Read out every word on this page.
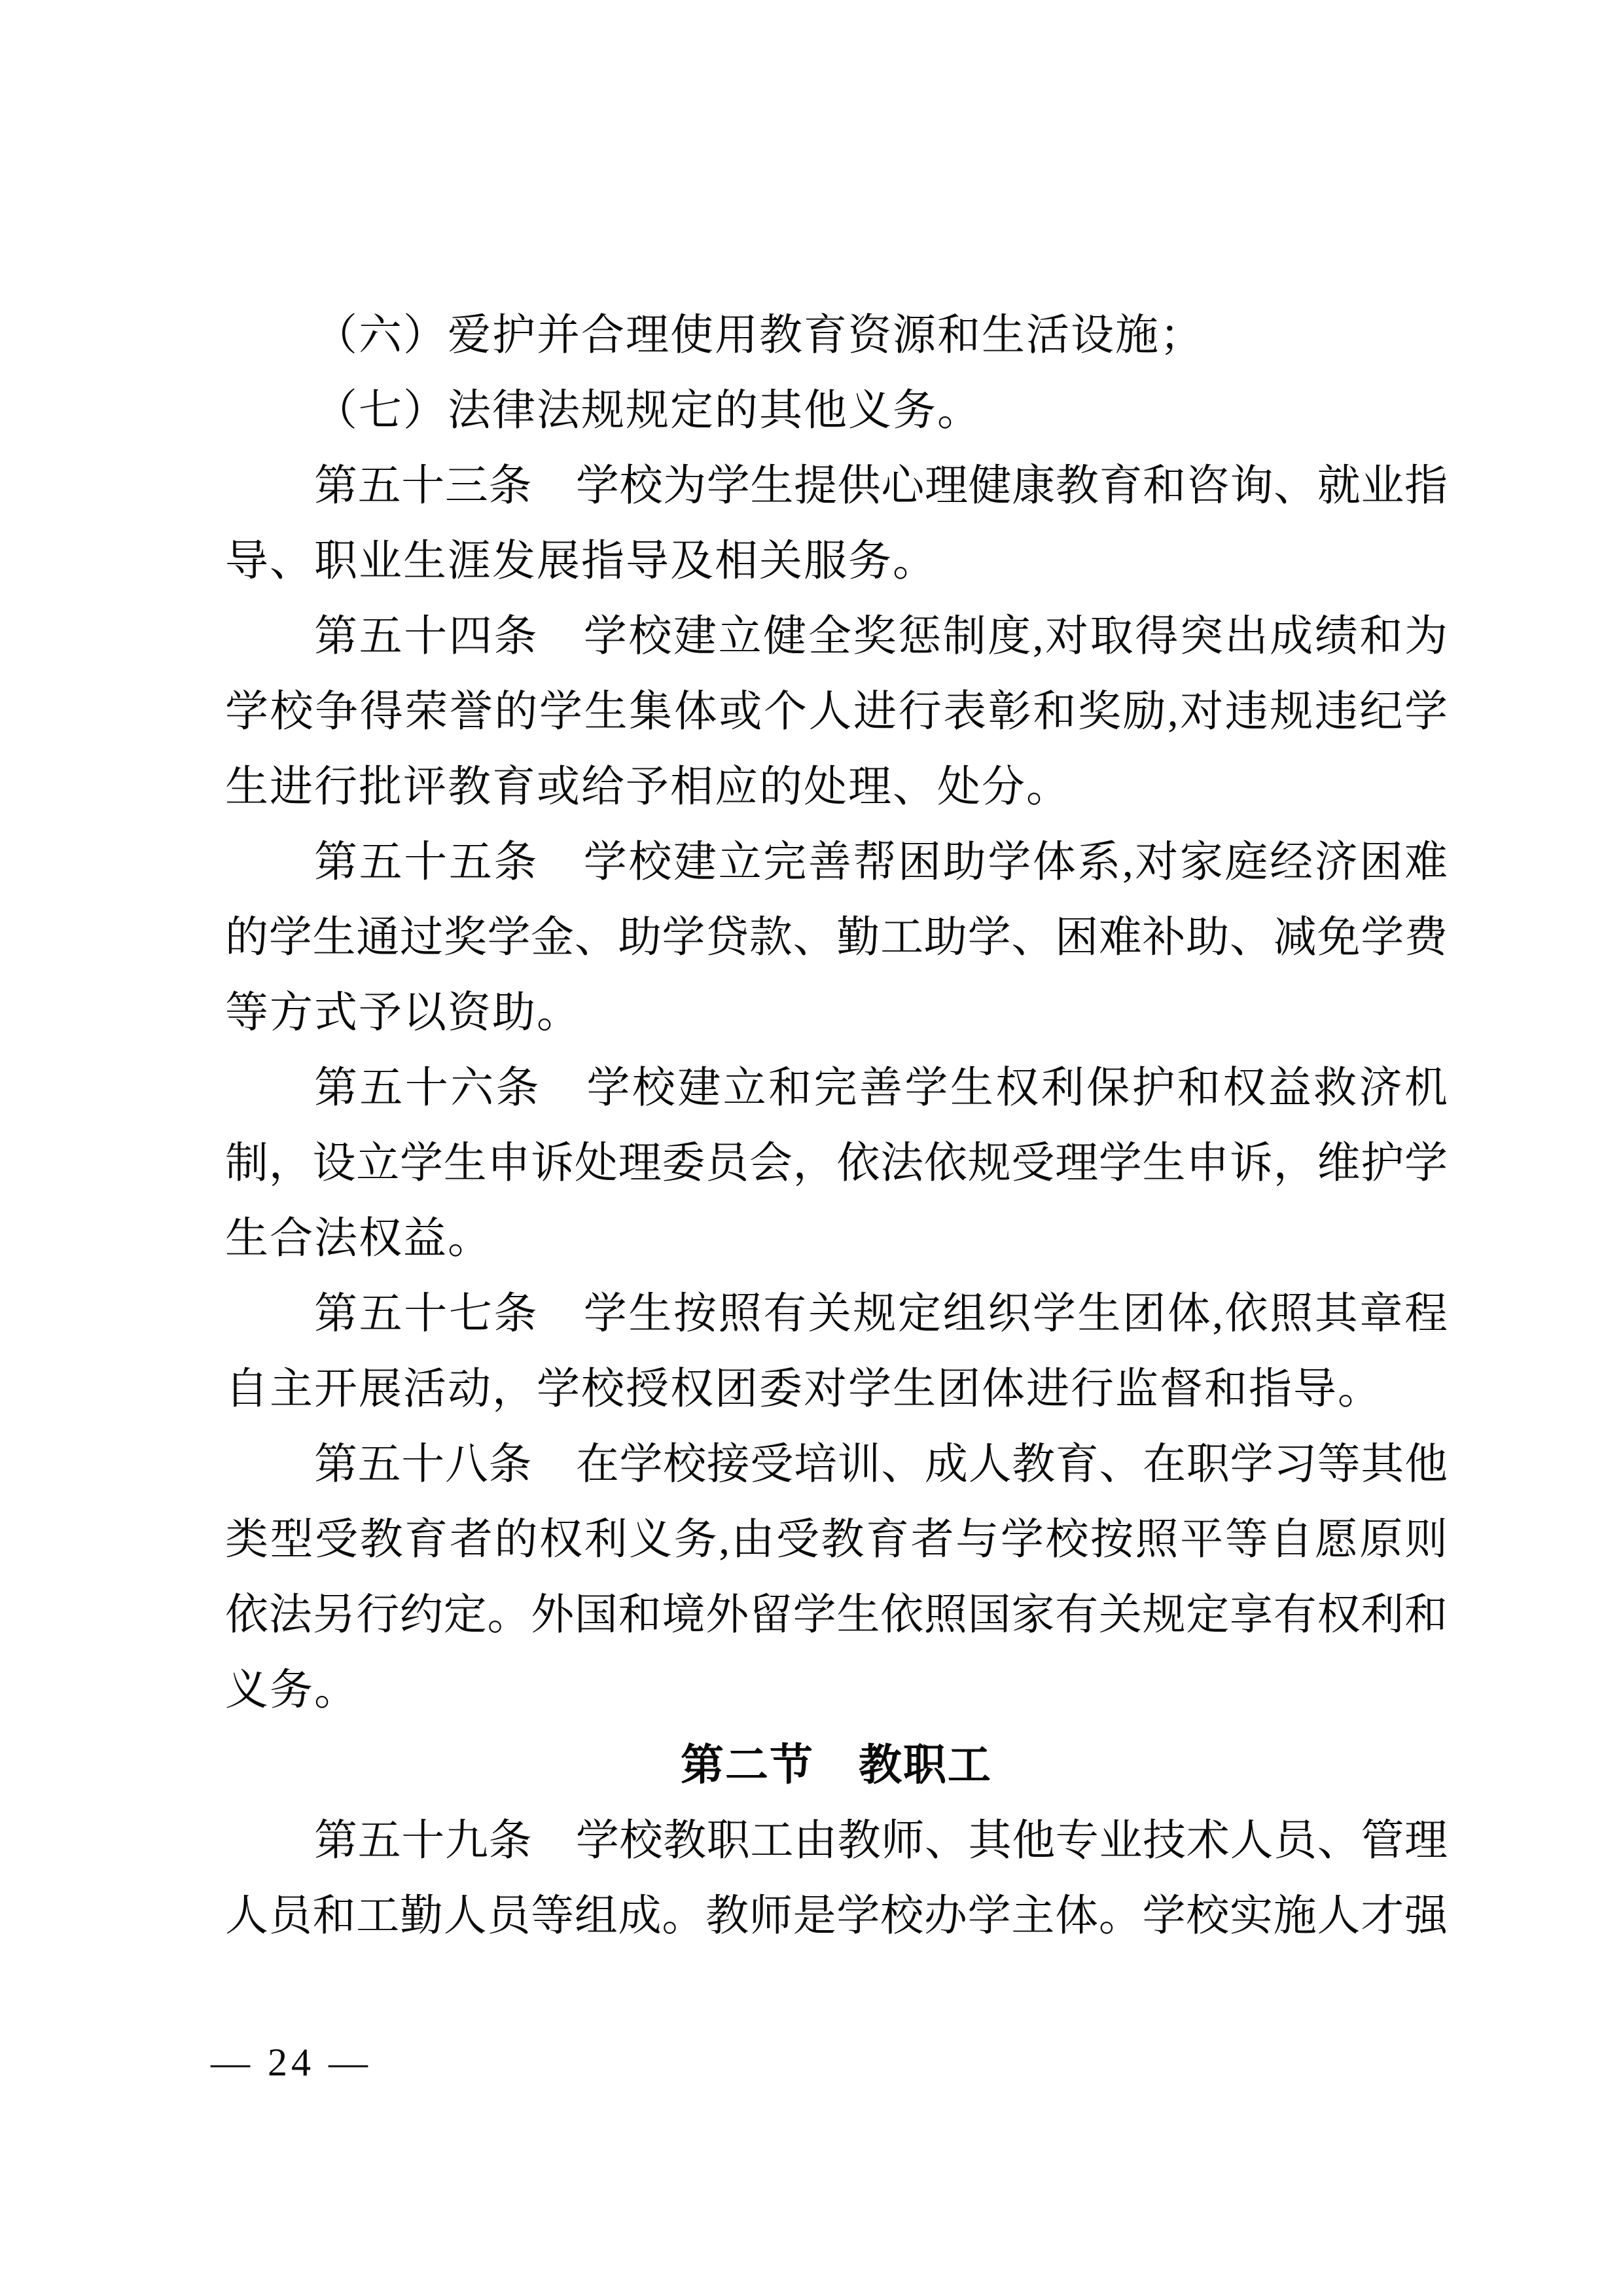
（六）爱护并合理使用教育资源和生活设施；

（七）法律法规规定的其他义务。

第五十三条　学校为学生提供心理健康教育和咨询、就业指

导、职业生涯发展指导及相关服务。

第五十四条　学校建立健全奖惩制度,对取得突出成绩和为

学校争得荣誉的学生集体或个人进行表彰和奖励,对违规违纪学

生进行批评教育或给予相应的处理、处分。

第五十五条　学校建立完善帮困助学体系,对家庭经济困难

的学生通过奖学金、助学贷款、勤工助学、困难补助、减免学费

等方式予以资助。

第五十六条　学校建立和完善学生权利保护和权益救济机

制，设立学生申诉处理委员会，依法依规受理学生申诉，维护学

生合法权益。

第五十七条　学生按照有关规定组织学生团体,依照其章程

自主开展活动，学校授权团委对学生团体进行监督和指导。

第五十八条　在学校接受培训、成人教育、在职学习等其他

类型受教育者的权利义务,由受教育者与学校按照平等自愿原则

依法另行约定。外国和境外留学生依照国家有关规定享有权利和

义务。

第二节　教职工

第五十九条　学校教职工由教师、其他专业技术人员、管理

人员和工勤人员等组成。教师是学校办学主体。学校实施人才强

— 24 —
